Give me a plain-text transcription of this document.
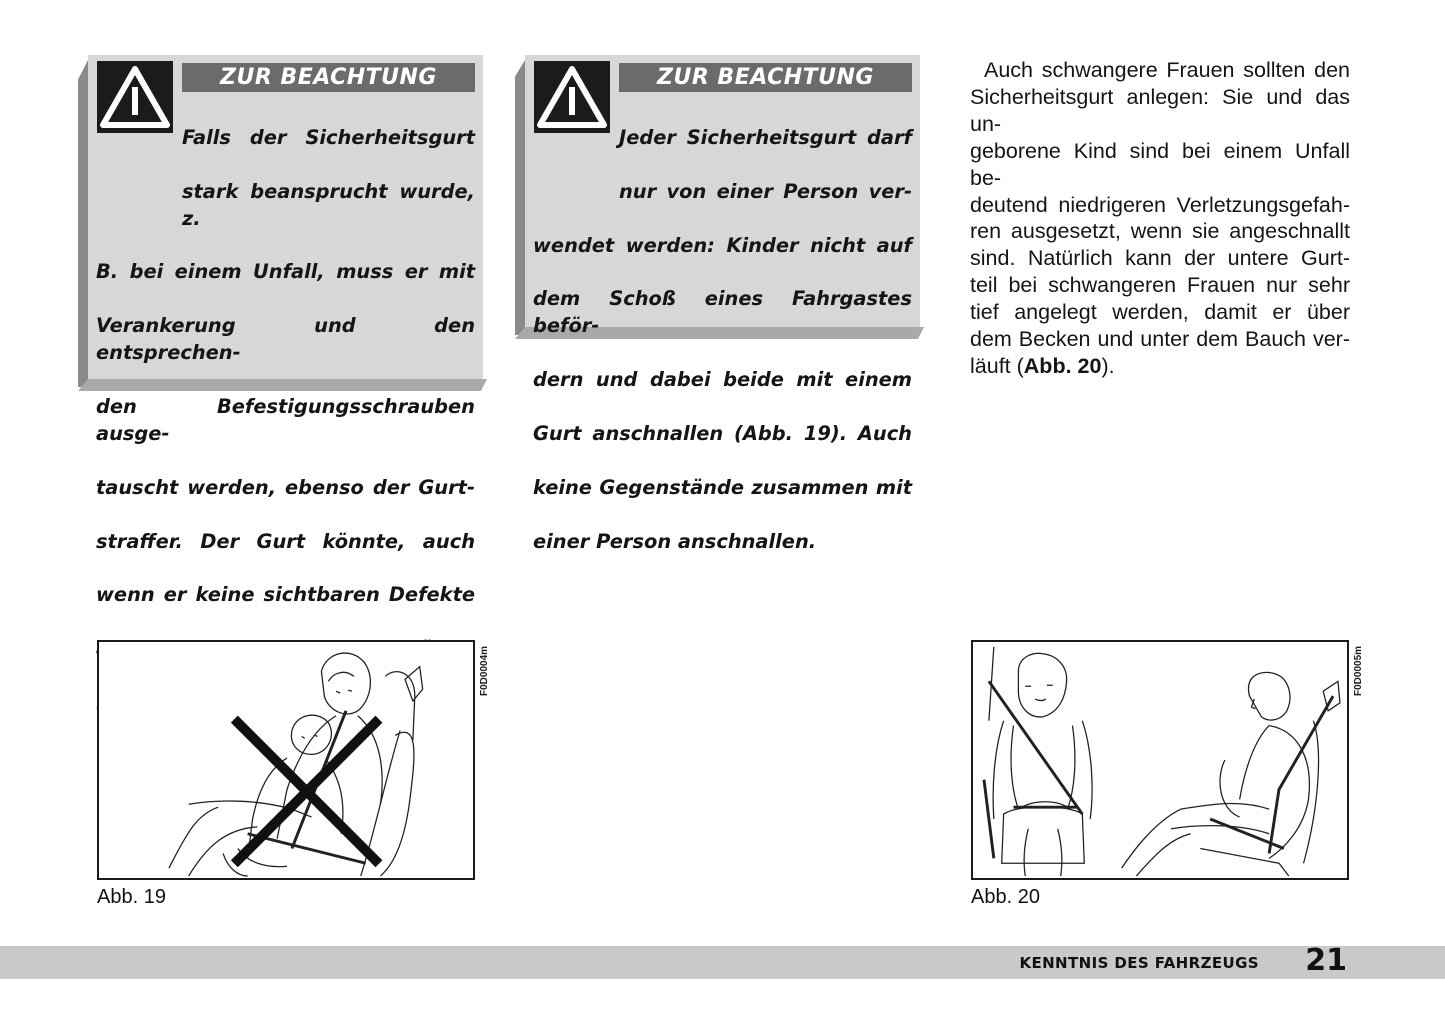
ZUR BEACHTUNG

Falls der Sicherheitsgurt

stark beansprucht wurde, z.

B. bei einem Unfall, muss er mit

Verankerung und den entsprechen-

den Befestigungsschrauben ausge-

tauscht werden, ebenso der Gurt-

straffer. Der Gurt könnte, auch

wenn er keine sichtbaren Defekte

ZUR BEACHTUNG

Jeder Sicherheitsgurt darf

nur von einer Person ver-

wendet werden: Kinder nicht auf

dem Schoß eines Fahrgastes beför-

dern und dabei beide mit einem

Gurt anschnallen (Abb. 19). Auch

keine Gegenstände zusammen mit

einer Person anschnallen.

Auch schwangere Frauen sollten den
Sicherheitsgurt anlegen: Sie und das un-
geborene Kind sind bei einem Unfall be-
deutend niedrigeren Verletzungsgefah-
ren ausgesetzt, wenn sie angeschnallt
sind. Natürlich kann der untere Gurt-
teil bei schwangeren Frauen nur sehr
tief angelegt werden, damit er über
dem Becken und unter dem Bauch ver-
läuft (Abb. 20).
F0D0004m
Abb. 19
F0D0005m
Abb. 20
KENNTNIS DES FAHRZEUGS 21
